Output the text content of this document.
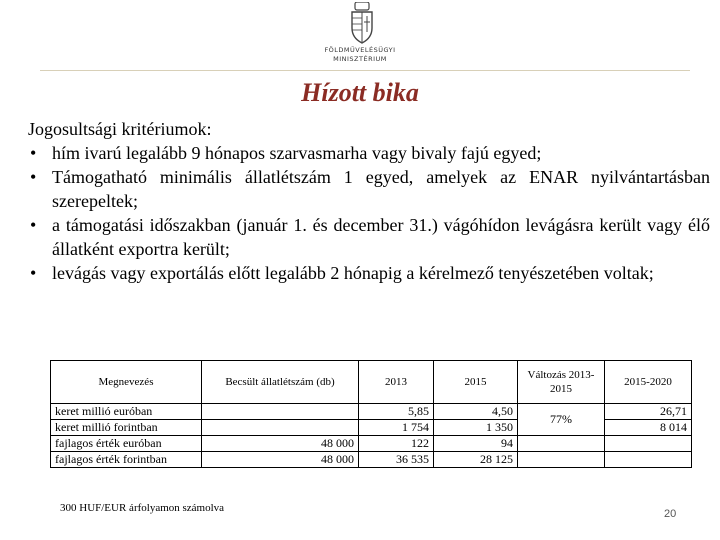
FÖLDMŰVELÉSÜGYI
MINISZTÉRIUM
Hízott bika
Jogosultsági kritériumok:
• hím ivarú legalább 9 hónapos szarvasmarha vagy bivaly fajú egyed;
• Támogatható minimális állatlétszám 1 egyed, amelyek az ENAR nyilvántartásban szerepeltek;
• a támogatási időszakban (január 1. és december 31.) vágóhídon levágásra került vagy élő állatként exportra került;
• levágás vagy exportálás előtt legalább 2 hónapig a kérelmező tenyészetében voltak;
Megnevezés	Becsült állatlétszám (db)	2013	2015	Változás 2013-2015	2015-2020
keret millió euróban		5,85	4,50	77%	26,71
keret millió forintban		1 754	1 350		8 014
fajlagos érték euróban	48 000	122	94		
fajlagos érték forintban	48 000	36 535	28 125		
300 HUF/EUR árfolyamon számolva	20
